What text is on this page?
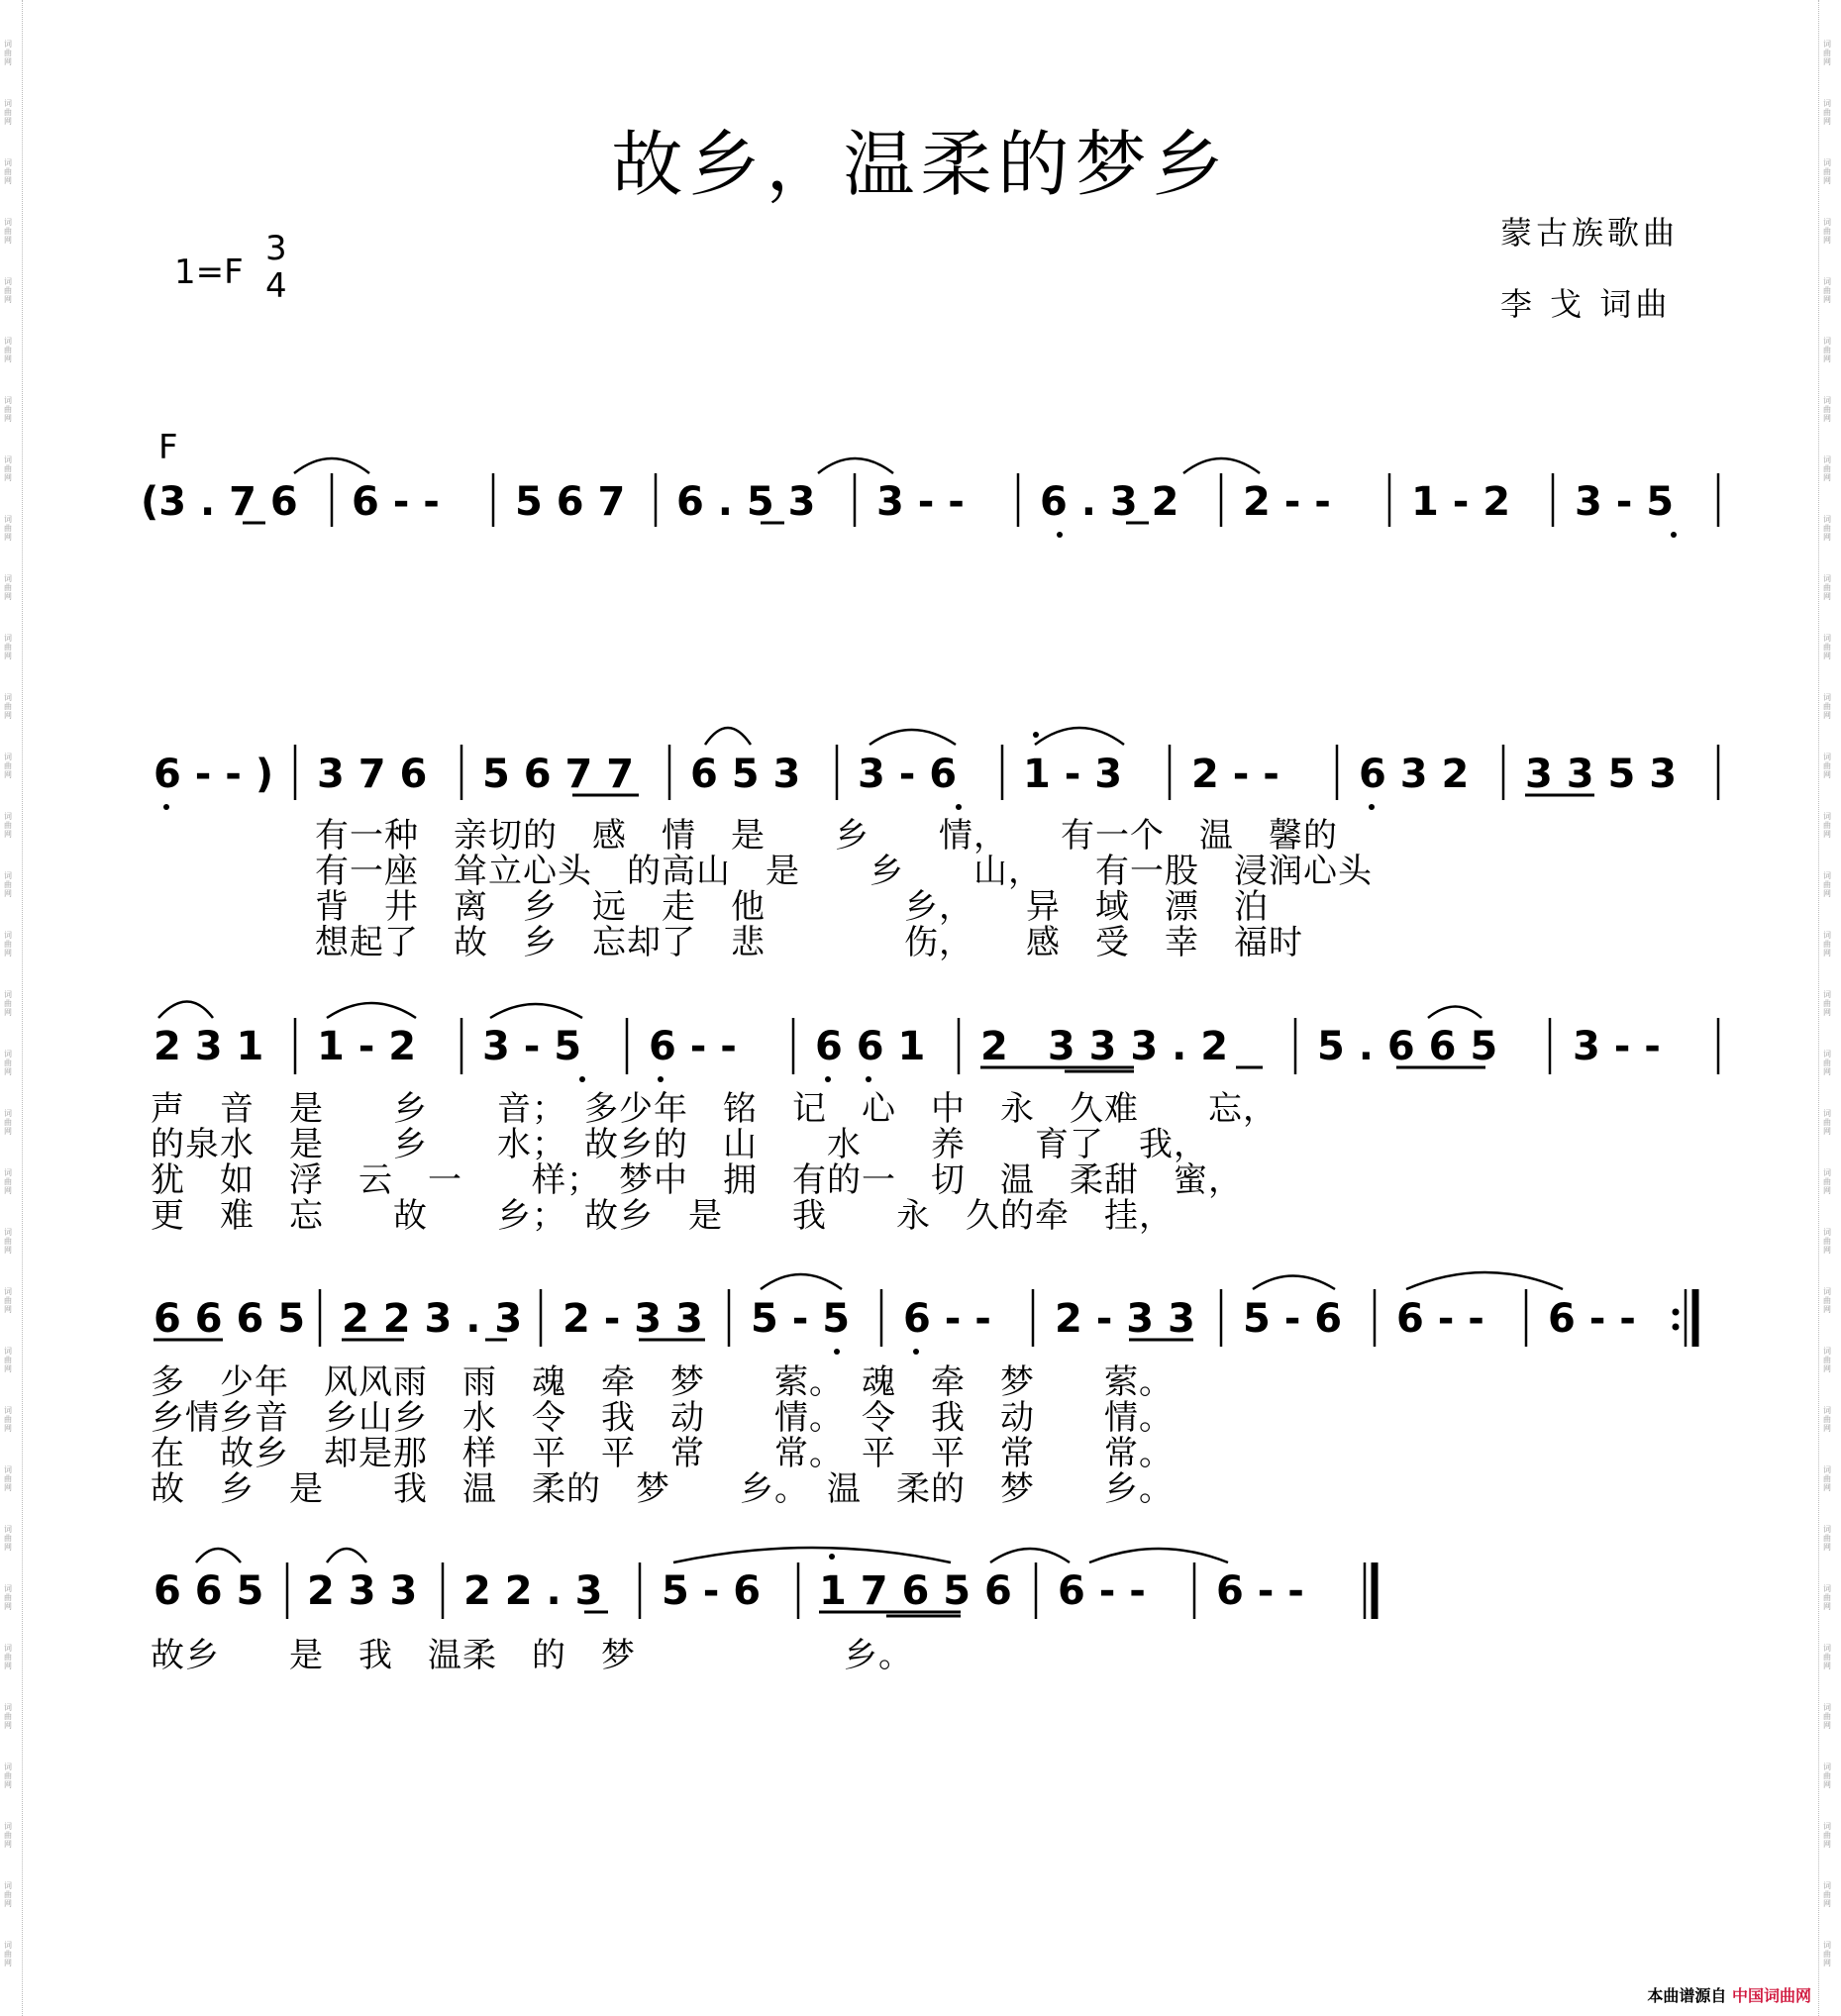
词曲网
词曲网
词曲网
词曲网
词曲网
词曲网
词曲网
词曲网
词曲网
词曲网
词曲网
词曲网
词曲网
词曲网
词曲网
词曲网
词曲网
词曲网
词曲网
词曲网
词曲网
词曲网
词曲网
词曲网
词曲网
词曲网
词曲网
词曲网
词曲网
词曲网
词曲网
词曲网
词曲网
词曲网
词曲网
词曲网
词曲网
词曲网
词曲网
词曲网
词曲网
词曲网
词曲网
词曲网
词曲网
词曲网
词曲网
词曲网
词曲网
词曲网
词曲网
词曲网
词曲网
词曲网
词曲网
词曲网
词曲网
词曲网
词曲网
词曲网
词曲网
词曲网
词曲网
词曲网
词曲网
词曲网
故乡，温柔的梦乡
蒙古族歌曲
李 戈 词曲
1=F
3
4
F
(3 . 7 6 6 - - 5 6 7 6 . 5 3 3 - - 6 . 3 2 2 - - 1 - 2 3 - 5
6 - - ) 3 7 6 5 6 7 7 6 5 3 3 - 6 1 - 3 2 - - 6 3 2 3 3 5 3
2 3 1 1 - 2 3 - 5 6 - - 6 6 1 2　3 3 3 . 2 5 . 6 6 5 3 - -
6 6 6 5 2 2 3 . 3 2 - 3 3 5 - 5 6 - - 2 - 3 3 5 - 6 6 - - 6 - -
6 6 5 2 3 3 2 2 . 3 5 - 6 1 7 6 5 6 6 - - 6 - -
有一种　亲切的　感　情　是　　乡　　情，　　有一个　温　馨的
有一座　耸立心头　的高山　是　　乡　　山，　　有一股　浸润心头
背　井　离　乡　远　走　他　　　　乡，　　异　域　漂　泊
想起了　故　乡　忘却了　悲　　　　伤，　　感　受　幸　福时
声　音　是　　乡　　音；　多少年　铭　记　心　中　永　久难　　忘，
的泉水　是　　乡　　水；　故乡的　山　　水　　养　　育了　我，
犹　如　浮　云　一　　样；　梦中　拥　有的一　切　温　柔甜　蜜，
更　难　忘　　故　　乡；　故乡　是　　我　　永　久的牵　挂，
多　少年　风风雨　雨　魂　牵　梦　　萦。　魂　牵　梦　　萦。
乡情乡音　乡山乡　水　令　我　动　　情。　令　我　动　　情。
在　故乡　却是那　样　平　平　常　　常。　平　平　常　　常。
故　乡　是　　我　温　柔的　梦　　乡。　温　柔的　梦　　乡。
故乡　　是　我　温柔　的　梦　　　　　　乡。
本曲谱源自 中国词曲网
